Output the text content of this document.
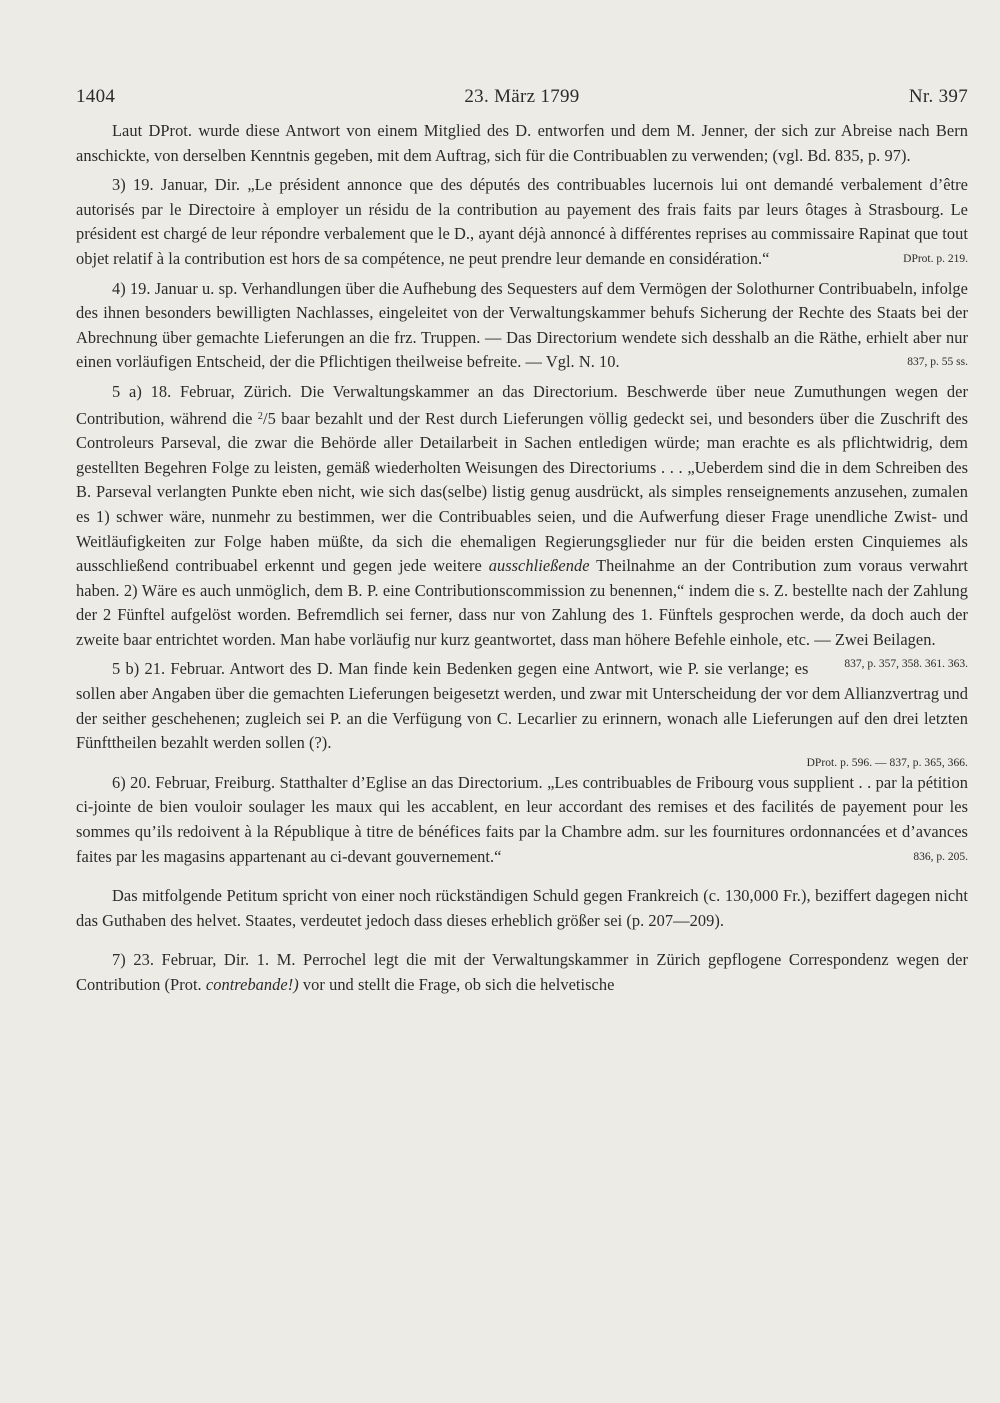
23. März 1799
1404	Nr. 397

Laut DProt. wurde diese Antwort von einem Mitglied des D. entworfen und dem M. Jenner, der sich zur Abreise nach Bern anschickte, von derselben Kenntnis gegeben, mit dem Auftrag, sich für die Contribuablen zu verwenden; (vgl. Bd. 835, p. 97).

3) 19. Januar, Dir. „Le président annonce que des députés des contribuables lucernois lui ont demandé verbalement d’être autorisés par le Directoire à employer un résidu de la contribution au payement des frais faits par leurs ôtages à Strasbourg. Le président est chargé de leur répondre verbalement que le D., ayant déjà annoncé à différentes reprises au commissaire Rapinat que tout objet relatif à la contribution est hors de sa compétence, ne peut prendre leur demande en considération.“	DProt. p. 219.

4) 19. Januar u. sp. Verhandlungen über die Aufhebung des Sequesters auf dem Vermögen der Solothurner Contribuabeln, infolge des ihnen besonders bewilligten Nachlasses, eingeleitet von der Verwaltungskammer behufs Sicherung der Rechte des Staats bei der Abrechnung über gemachte Lieferungen an die frz. Truppen. — Das Directorium wendete sich desshalb an die Räthe, erhielt aber nur einen vorläufigen Entscheid, der die Pflichtigen theilweise befreite. — Vgl. N. 10.	837, p. 55 ss.

5 a) 18. Februar, Zürich. Die Verwaltungskammer an das Directorium. Beschwerde über neue Zumuthungen wegen der Contribution, während die $^2$/5 baar bezahlt und der Rest durch Lieferungen völlig gedeckt sei, und besonders über die Zuschrift des Controleurs Parseval, die zwar die Behörde aller Detailarbeit in Sachen entledigen würde; man erachte es als pflichtwidrig, dem gestellten Begehren Folge zu leisten, gemäß wiederholten Weisungen des Directoriums . . . „Ueberdem sind die in dem Schreiben des B. Parseval verlangten Punkte eben nicht, wie sich das(selbe) listig genug ausdrückt, als simples renseignements anzusehen, zumalen es 1) schwer wäre, nunmehr zu bestimmen, wer die Contribuables seien, und die Aufwerfung dieser Frage unendliche Zwist- und Weitläufigkeiten zur Folge haben müßte, da sich die ehemaligen Regierungsglieder nur für die beiden ersten Cinquiemes als ausschließend contribuabel erkennt und gegen jede weitere ausschließende Theilnahme an der Contribution zum voraus verwahrt haben. 2) Wäre es auch unmöglich, dem B. P. eine Contributionscommission zu benennen,“ indem die s. Z. bestellte nach der Zahlung der 2 Fünftel aufgelöst worden. Befremdlich sei ferner, dass nur von Zahlung des 1. Fünftels gesprochen werde, da doch auch der zweite baar entrichtet worden. Man habe vorläufig nur kurz geantwortet, dass man höhere Befehle einhole, etc. — Zwei Beilagen.
837, p. 357, 358. 361. 363.

5 b) 21. Februar. Antwort des D. Man finde kein Bedenken gegen eine Antwort, wie P. sie verlange; es sollen aber Angaben über die gemachten Lieferungen beigesetzt werden, und zwar mit Unterscheidung der vor dem Allianzvertrag und der seither geschehenen; zugleich sei P. an die Verfügung von C. Lecarlier zu erinnern, wonach alle Lieferungen auf den drei letzten Fünfttheilen bezahlt werden sollen (?).

DProt. p. 596. — 837, p. 365, 366.

6) 20. Februar, Freiburg. Statthalter d’Eglise an das Directorium. „Les contribuables de Fribourg vous supplient . . par la pétition ci-jointe de bien vouloir soulager les maux qui les accablent, en leur accordant des remises et des facilités de payement pour les sommes qu’ils redoivent à la République à titre de bénéfices faits par la Chambre adm. sur les fournitures ordonnancées et d’avances faites par les magasins appartenant au ci-devant gouvernement.“	836, p. 205.

Das mitfolgende Petitum spricht von einer noch rückständigen Schuld gegen Frankreich (c. 130,000 Fr.), beziffert dagegen nicht das Guthaben des helvet. Staates, verdeutet jedoch dass dieses erheblich größer sei (p. 207—209).

7) 23. Februar, Dir. 1. M. Perrochel legt die mit der Verwaltungskammer in Zürich gepflogene Correspondenz wegen der Contribution (Prot. contrebande!) vor und stellt die Frage, ob sich die helvetische
